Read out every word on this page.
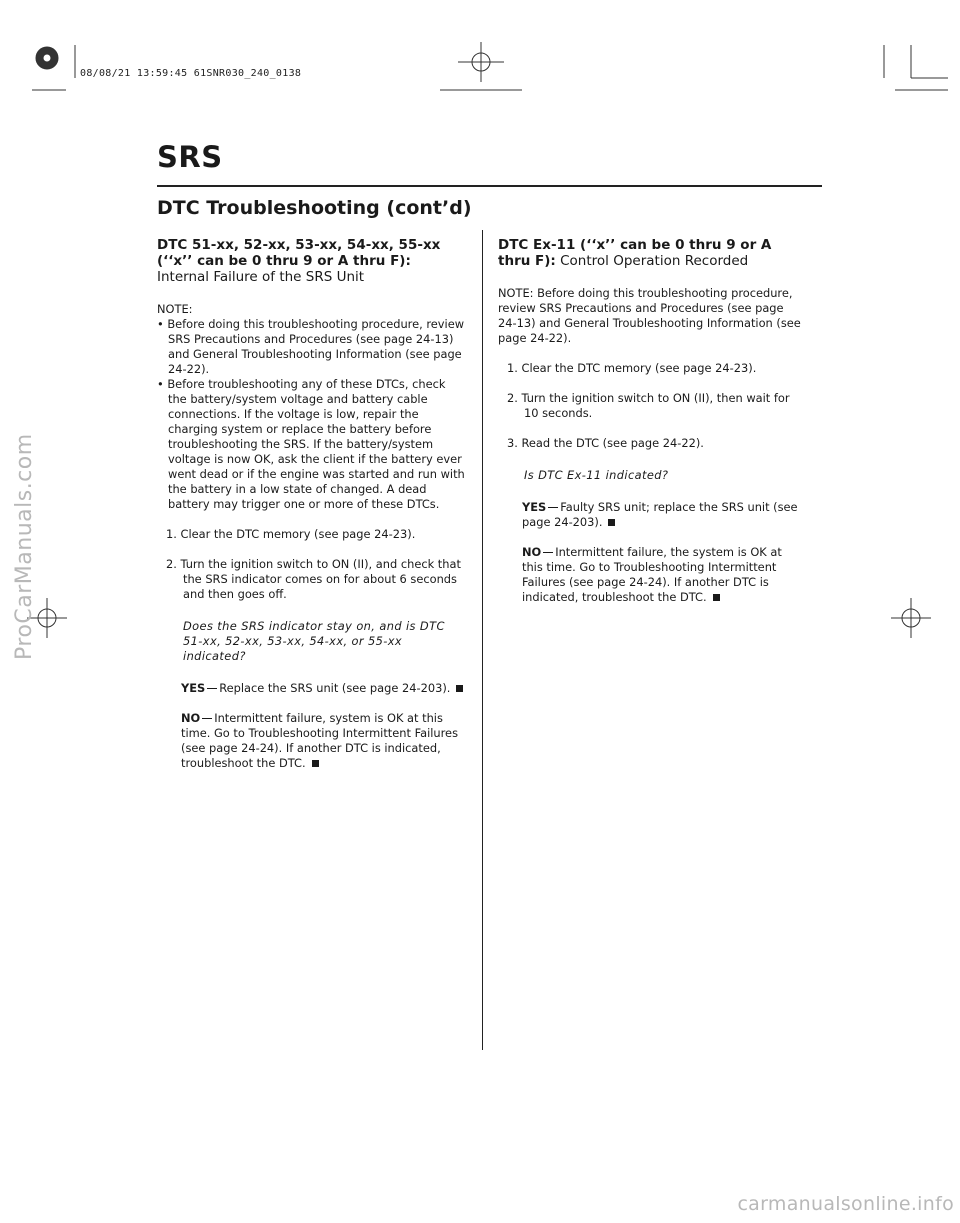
08/08/21 13:59:45 61SNR030_240_0138
SRS
DTC Troubleshooting (cont’d)

DTC 51-xx, 52-xx, 53-xx, 54-xx, 55-xx (‘‘x’’ can be 0 thru 9 or A thru F): Internal Failure of the SRS Unit

NOTE:

• Before doing this troubleshooting procedure, review SRS Precautions and Procedures (see page 24-13) and General Troubleshooting Information (see page 24-22).

• Before troubleshooting any of these DTCs, check the battery/system voltage and battery cable connections. If the voltage is low, repair the charging system or replace the battery before troubleshooting the SRS. If the battery/system voltage is now OK, ask the client if the battery ever went dead or if the engine was started and run with the battery in a low state of changed. A dead battery may trigger one or more of these DTCs.

1. Clear the DTC memory (see page 24-23).

2. Turn the ignition switch to ON (II), and check that the SRS indicator comes on for about 6 seconds and then goes off.

Does the SRS indicator stay on, and is DTC 51-xx, 52-xx, 53-xx, 54-xx, or 55-xx indicated?

YES Replace the SRS unit (see page 24-203).

NO Intermittent failure, system is OK at this time. Go to Troubleshooting Intermittent Failures (see page 24-24). If another DTC is indicated, troubleshoot the DTC.

DTC Ex-11 (‘‘x’’ can be 0 thru 9 or A thru F): Control Operation Recorded

NOTE: Before doing this troubleshooting procedure, review SRS Precautions and Procedures (see page 24-13) and General Troubleshooting Information (see page 24-22).

1. Clear the DTC memory (see page 24-23).

2. Turn the ignition switch to ON (II), then wait for 10 seconds.

3. Read the DTC (see page 24-22).

Is DTC Ex-11 indicated?

YES Faulty SRS unit; replace the SRS unit (see page 24-203).

NO Intermittent failure, the system is OK at this time. Go to Troubleshooting Intermittent Failures (see page 24-24). If another DTC is indicated, troubleshoot the DTC.

ProCarManuals.com
carmanualsonline.info
